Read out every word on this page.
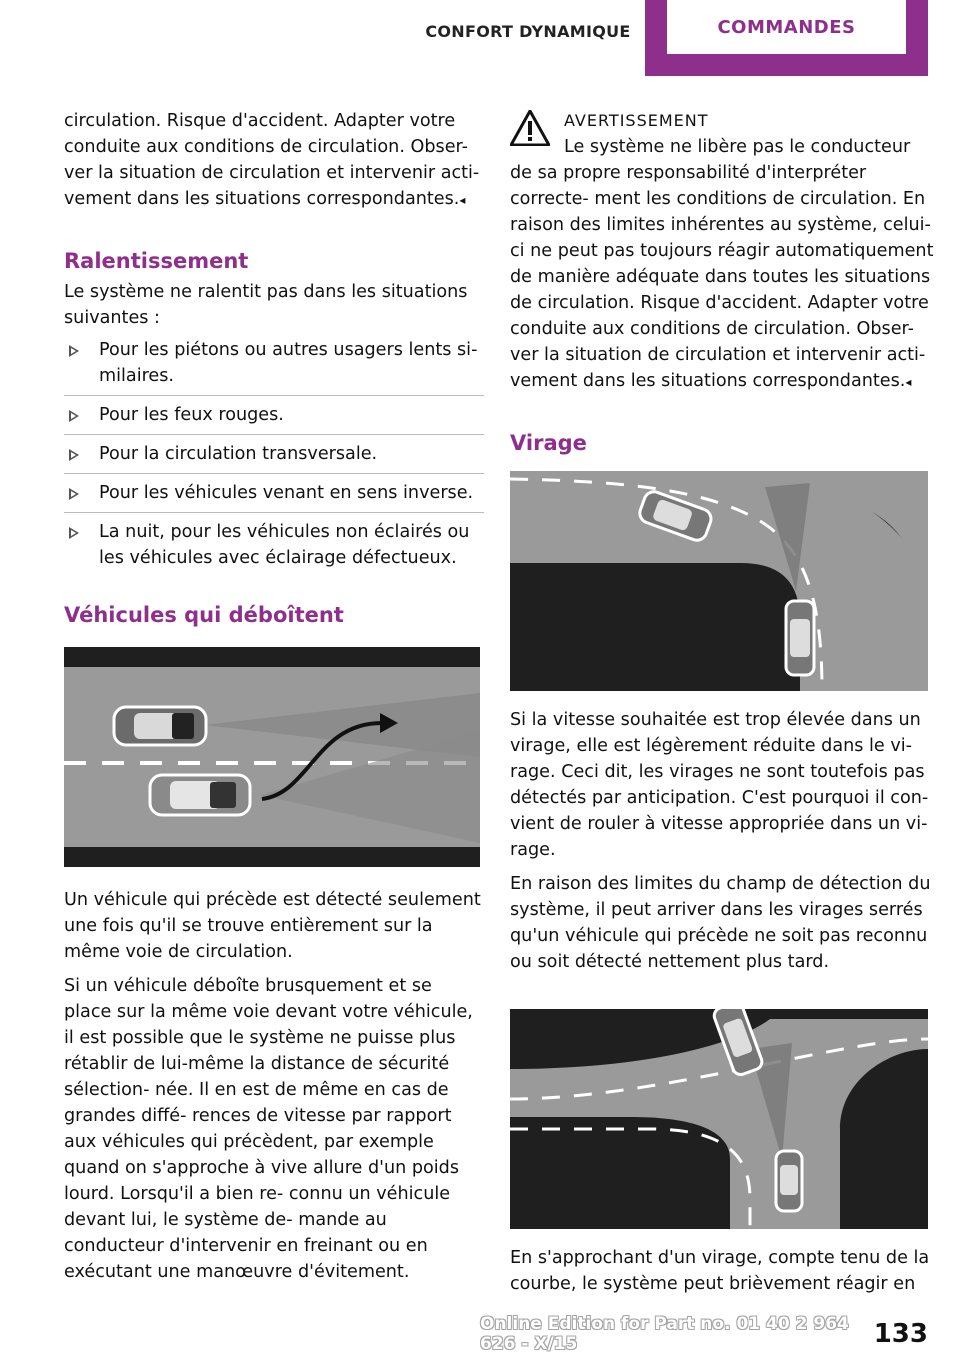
CONFORT DYNAMIQUE	COMMANDES

circulation. Risque d'accident. Adapter votre
conduite aux conditions de circulation. Obser-
ver la situation de circulation et intervenir acti-
vement dans les situations correspondantes.◂

Ralentissement

Le système ne ralentit pas dans les situations suivantes :

Pour les piétons ou autres usagers lents si- milaires.
Pour les feux rouges.
Pour la circulation transversale.
Pour les véhicules venant en sens inverse.
La nuit, pour les véhicules non éclairés ou les véhicules avec éclairage défectueux.
Véhicules qui déboîtent

Un véhicule qui précède est détecté seulement une fois qu'il se trouve entièrement sur la même voie de circulation.

Si un véhicule déboîte brusquement et se place sur la même voie devant votre véhicule, il est possible que le système ne puisse plus rétablir de lui-même la distance de sécurité sélection- née. Il en est de même en cas de grandes diffé- rences de vitesse par rapport aux véhicules qui précèdent, par exemple quand on s'approche à vive allure d'un poids lourd. Lorsqu'il a bien re- connu un véhicule devant lui, le système de- mande au conducteur d'intervenir en freinant ou en exécutant une manœuvre d'évitement.

AVERTISSEMENT

Le système ne libère pas le conducteur de sa propre responsabilité d'interpréter correcte- ment les conditions de circulation. En raison des limites inhérentes au système, celui-ci ne peut pas toujours réagir automatiquement de manière adéquate dans toutes les situations de circulation. Risque d'accident. Adapter votre conduite aux conditions de circulation. Obser- ver la situation de circulation et intervenir acti- vement dans les situations correspondantes.◂

Virage

Si la vitesse souhaitée est trop élevée dans un virage, elle est légèrement réduite dans le vi- rage. Ceci dit, les virages ne sont toutefois pas détectés par anticipation. C'est pourquoi il con- vient de rouler à vitesse appropriée dans un vi- rage.

En raison des limites du champ de détection du système, il peut arriver dans les virages serrés qu'un véhicule qui précède ne soit pas reconnu ou soit détecté nettement plus tard.

En s'approchant d'un virage, compte tenu de la courbe, le système peut brièvement réagir en

Online Edition for Part no. 01 40 2 964 626 - X/15	133
